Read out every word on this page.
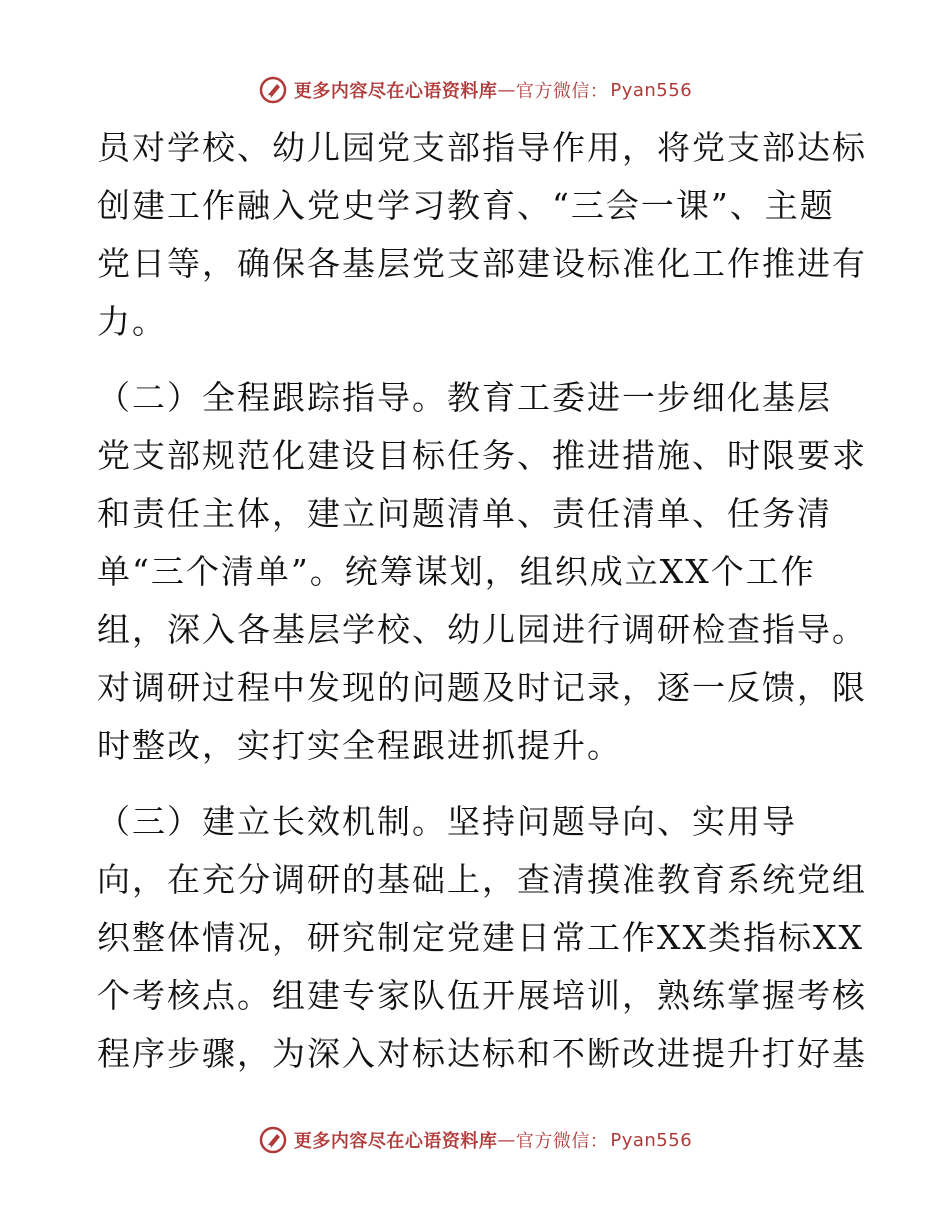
更多内容尽在心语资料库 — 官方微信： Pyan556
员对学校、幼儿园党支部指导作用，将党支部达标
创建工作融入党史学习教育、“三会一课”、主题
党日等，确保各基层党支部建设标准化工作推进有
力。
（二）全程跟踪指导。教育工委进一步细化基层
党支部规范化建设目标任务、推进措施、时限要求
和责任主体，建立问题清单、责任清单、任务清
单“三个清单”。统筹谋划，组织成立XX个工作
组，深入各基层学校、幼儿园进行调研检查指导。
对调研过程中发现的问题及时记录，逐一反馈，限
时整改，实打实全程跟进抓提升。
（三）建立长效机制。坚持问题导向、实用导
向，在充分调研的基础上，查清摸准教育系统党组
织整体情况，研究制定党建日常工作XX类指标XX
个考核点。组建专家队伍开展培训，熟练掌握考核
程序步骤，为深入对标达标和不断改进提升打好基
更多内容尽在心语资料库 — 官方微信： Pyan556
